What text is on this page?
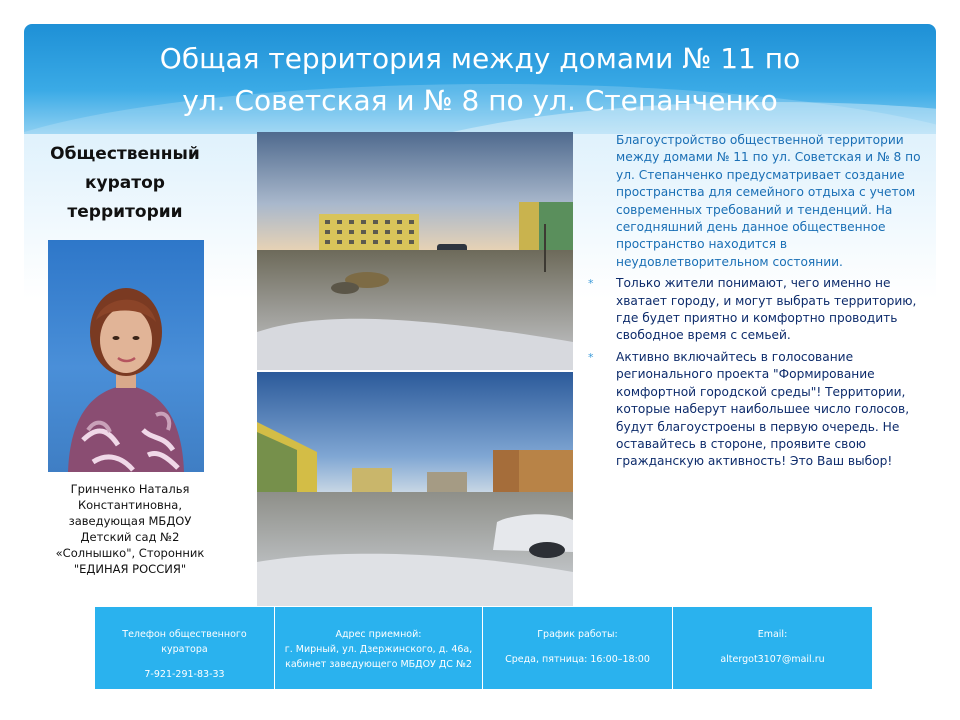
Общая территория между домами № 11 по
ул. Советская и № 8 по ул. Степанченко
Общественный
куратор
территории
Гринченко Наталья
Константиновна,
заведующая МБДОУ
Детский сад №2
«Солнышко", Сторонник
"ЕДИНАЯ РОССИЯ"
Благоустройство общественной территории между домами № 11 по ул. Советская и № 8 по ул. Степанченко предусматривает создание пространства для семейного отдыха с учетом современных требований и тенденций. На сегодняшний день данное общественное пространство находится в неудовлетворительном состоянии.
* Только жители понимают, чего именно не хватает городу, и могут выбрать территорию, где будет приятно и комфортно проводить свободное время с семьей.
* Активно включайтесь в голосование регионального проекта "Формирование комфортной городской среды"! Территории, которые наберут наибольшее число голосов, будут благоустроены в первую очередь. Не оставайтесь в стороне, проявите свою гражданскую активность! Это Ваш выбор!
Телефон общественного
куратора
7-921-291-83-33
Адрес приемной:
г. Мирный, ул. Дзержинского, д. 46а,
кабинет заведующего МБДОУ ДС №2
График работы:
Среда, пятница: 16:00–18:00
Email:
altergot3107@mail.ru
